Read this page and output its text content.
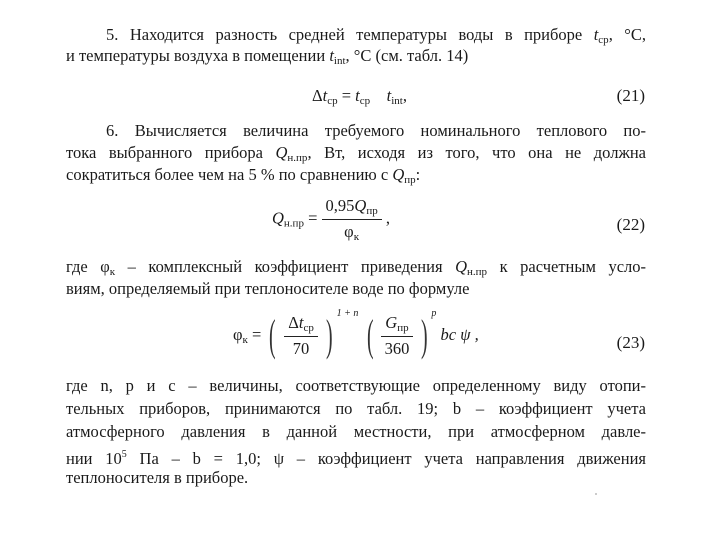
5. Находится разность средней температуры воды в приборе $t_{ср}$, °С,
и температуры воздуха в помещении $t_{int}$, °С (см. табл. 14)
$\Delta t_{ср} = t_{ср}$ $t_{int}$,	(21)
6. Вычисляется величина требуемого номинального теплового по-
тока выбранного прибора $Q_{н.пр}$, Вт, исходя из того, что она не должна
сократиться более чем на 5 % по сравнению с $Q_{пр}$:
$Q_{н.пр} = \frac{0,95Q_{пр}}{\varphi_к}$ ,	(22)
где $\varphi_к$ – комплексный коэффициент приведения $Q_{н.пр}$ к расчетным усло-
виям, определяемый при теплоносителе воде по формуле
$\varphi_к$ = ( $\frac{\Delta t_{ср}}{70}$ ) $^{1 + n}$ ( $\frac{G_{пр}}{360}$ ) $^p$ bc ψ ,	(23)
где n, p и c – величины, соответствующие определенному виду отопи-
тельных приборов, принимаются по табл. 19; b – коэффициент учета
атмосферного давления в данной местности, при атмосферном давле-
нии $10^5$ Па – b = 1,0; ψ – коэффициент учета направления движения
теплоносителя в приборе.
